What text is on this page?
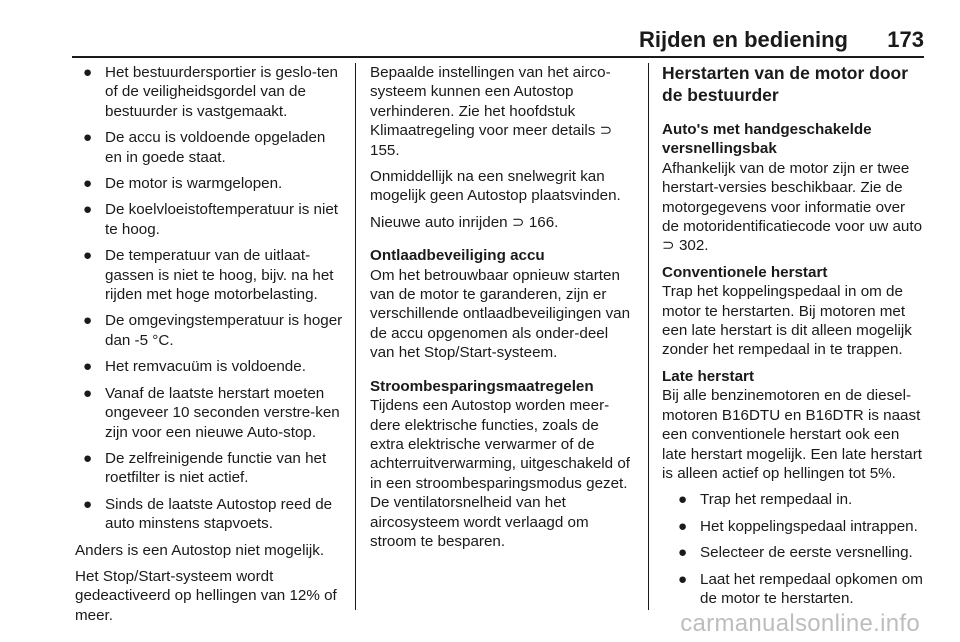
Rijden en bediening 173
● Het bestuurdersportier is geslo-ten of de veiligheidsgordel van de bestuurder is vastgemaakt.
● De accu is voldoende opgeladen en in goede staat.
● De motor is warmgelopen.
● De koelvloeistoftemperatuur is niet te hoog.
● De temperatuur van de uitlaat-gassen is niet te hoog, bijv. na het rijden met hoge motorbelasting.
● De omgevingstemperatuur is hoger dan -5 °C.
● Het remvacuüm is voldoende.
● Vanaf de laatste herstart moeten ongeveer 10 seconden verstre-ken zijn voor een nieuwe Auto-stop.
● De zelfreinigende functie van het roetfilter is niet actief.
● Sinds de laatste Autostop reed de auto minstens stapvoets.

Anders is een Autostop niet mogelijk.

Het Stop/Start-systeem wordt gedeactiveerd op hellingen van 12% of meer.

Bepaalde instellingen van het airco-systeem kunnen een Autostop verhinderen. Zie het hoofdstuk Klimaatregeling voor meer details ⊃ 155.

Onmiddellijk na een snelwegrit kan mogelijk geen Autostop plaatsvinden.

Nieuwe auto inrijden ⊃ 166.

Ontlaadbeveiliging accu

Om het betrouwbaar opnieuw starten van de motor te garanderen, zijn er verschillende ontlaadbeveiligingen van de accu opgenomen als onder-deel van het Stop/Start-systeem.

Stroombesparingsmaatregelen

Tijdens een Autostop worden meer-dere elektrische functies, zoals de extra elektrische verwarmer of de achterruitverwarming, uitgeschakeld of in een stroombesparingsmodus gezet. De ventilatorsnelheid van het aircosysteem wordt verlaagd om stroom te besparen.

Herstarten van de motor door de bestuurder
Auto's met handgeschakelde versnellingsbak

Afhankelijk van de motor zijn er twee herstart-versies beschikbaar. Zie de motorgegevens voor informatie over de motoridentificatiecode voor uw auto ⊃ 302.

Conventionele herstart

Trap het koppelingspedaal in om de motor te herstarten. Bij motoren met een late herstart is dit alleen mogelijk zonder het rempedaal in te trappen.

Late herstart

Bij alle benzinemotoren en de diesel-motoren B16DTU en B16DTR is naast een conventionele herstart ook een late herstart mogelijk. Een late herstart is alleen actief op hellingen tot 5%.

● Trap het rempedaal in.
● Het koppelingspedaal intrappen.
● Selecteer de eerste versnelling.
● Laat het rempedaal opkomen om de motor te herstarten.
carmanualsonline.info
